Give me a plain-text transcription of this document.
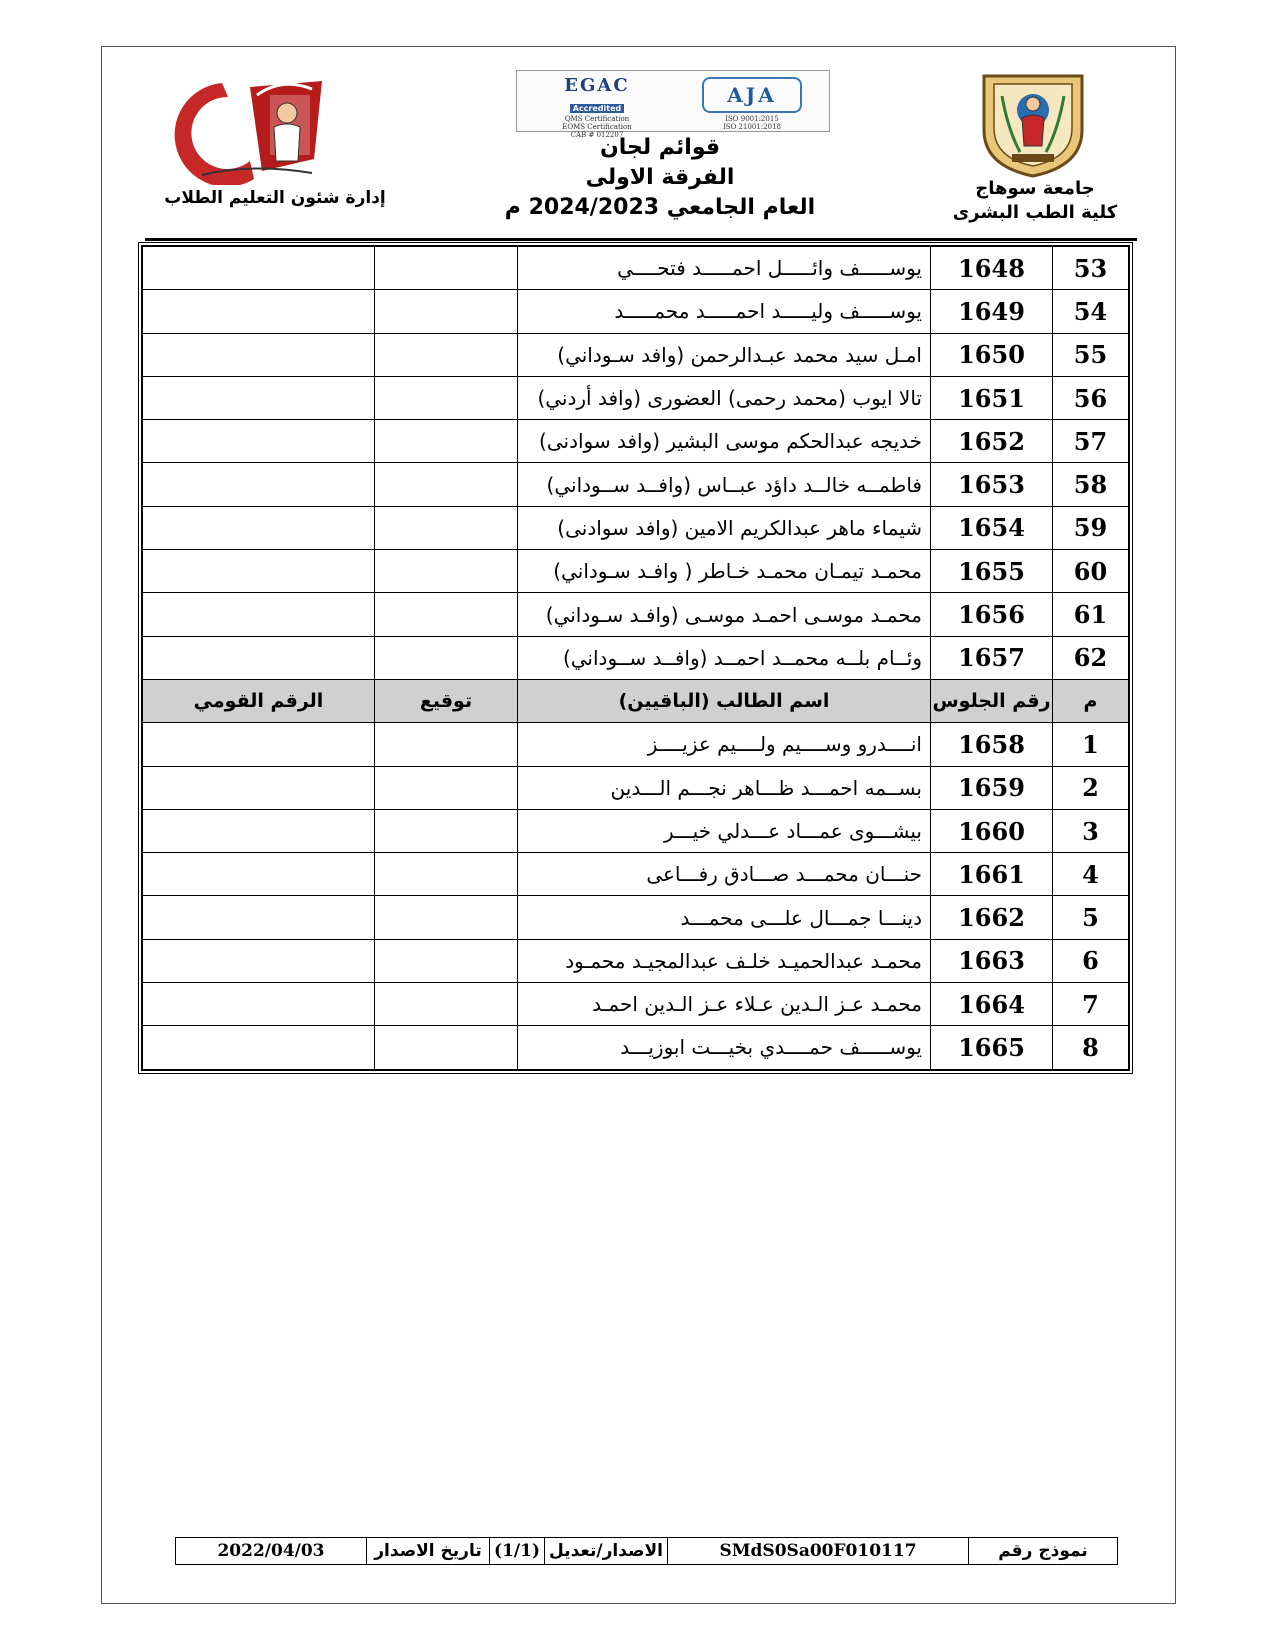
إدارة شئون التعليم الطلاب
EGAC
Accredited
QMS Certification
EOMS Certification
CAB # 012207
AJA
ISO 9001:2015
ISO 21001:2018
قوائم لجان
الفرقة الاولى
العام الجامعي 2024/2023 م
جامعة سوهاج
كلية الطب البشرى
53	1648	يوســـــف وائـــــل احمـــــد فتحــــي		
54	1649	يوســـــف وليـــــد احمـــــد محمـــــد		
55	1650	امـل سيد محمد عبـدالرحمن (وافد سـوداني)		
56	1651	تالا ايوب (محمد رحمى) العضورى (وافد أردني)		
57	1652	خديجه عبدالحكم موسى البشير (وافد سوادنى)		
58	1653	فاطمــه خالــد داؤد عبــاس (وافــد ســوداني)		
59	1654	شيماء ماهر عبدالكريم الامين (وافد سوادنى)		
60	1655	محمـد تيمـان محمـد خـاطر ( وافـد سـوداني)		
61	1656	محمـد موسـى احمـد موسـى (وافـد سـوداني)		
62	1657	وئــام بلــه محمــد احمــد (وافــد ســوداني)		
م	رقم الجلوس	اسم الطالب (الباقيين)	توقيع	الرقم القومي
1	1658	انــــدرو وســــيم ولــــيم عزيــــز		
2	1659	بســمه احمـــد ظـــاهر نجـــم الـــدين		
3	1660	بيشـــوى عمـــاد عـــدلي خيـــر		
4	1661	حنـــان محمـــد صـــادق رفـــاعى		
5	1662	دينـــا جمـــال علـــى محمـــد		
6	1663	محمـد عبدالحميـد خلـف عبدالمجيـد محمـود		
7	1664	محمـد عـز الـدين عـلاء عـز الـدين احمـد		
8	1665	يوســـــف حمــــدي بخيـــت ابوزيـــد		
نموذج رقم
SMdS0Sa00F010117
الاصدار/تعديل
(1/1)
تاريخ الاصدار
2022/04/03
